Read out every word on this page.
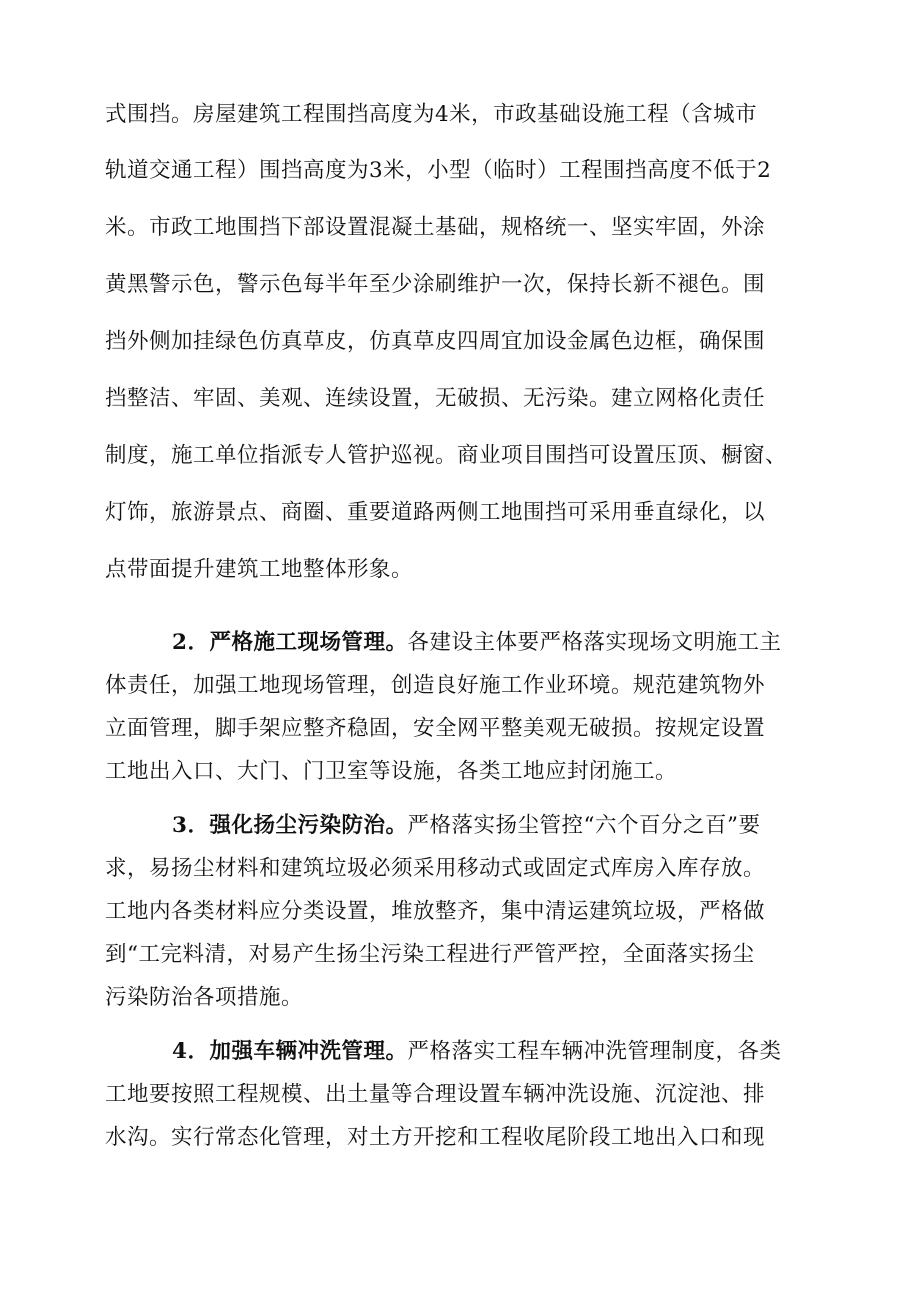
式围挡。房屋建筑工程围挡高度为4米，市政基础设施工程（含城市
轨道交通工程）围挡高度为3米，小型（临时）工程围挡高度不低于2
米。市政工地围挡下部设置混凝土基础，规格统一、坚实牢固，外涂
黄黑警示色，警示色每半年至少涂刷维护一次，保持长新不褪色。围
挡外侧加挂绿色仿真草皮，仿真草皮四周宜加设金属色边框，确保围
挡整洁、牢固、美观、连续设置，无破损、无污染。建立网格化责任
制度，施工单位指派专人管护巡视。商业项目围挡可设置压顶、橱窗、
灯饰，旅游景点、商圈、重要道路两侧工地围挡可采用垂直绿化，以
点带面提升建筑工地整体形象。
2．严格施工现场管理。各建设主体要严格落实现场文明施工主
体责任，加强工地现场管理，创造良好施工作业环境。规范建筑物外
立面管理，脚手架应整齐稳固，安全网平整美观无破损。按规定设置
工地出入口、大门、门卫室等设施，各类工地应封闭施工。
3．强化扬尘污染防治。严格落实扬尘管控“六个百分之百”要
求，易扬尘材料和建筑垃圾必须采用移动式或固定式库房入库存放。
工地内各类材料应分类设置，堆放整齐，集中清运建筑垃圾，严格做
到“工完料清，对易产生扬尘污染工程进行严管严控，全面落实扬尘
污染防治各项措施。
4．加强车辆冲洗管理。严格落实工程车辆冲洗管理制度，各类
工地要按照工程规模、出土量等合理设置车辆冲洗设施、沉淀池、排
水沟。实行常态化管理，对土方开挖和工程收尾阶段工地出入口和现
